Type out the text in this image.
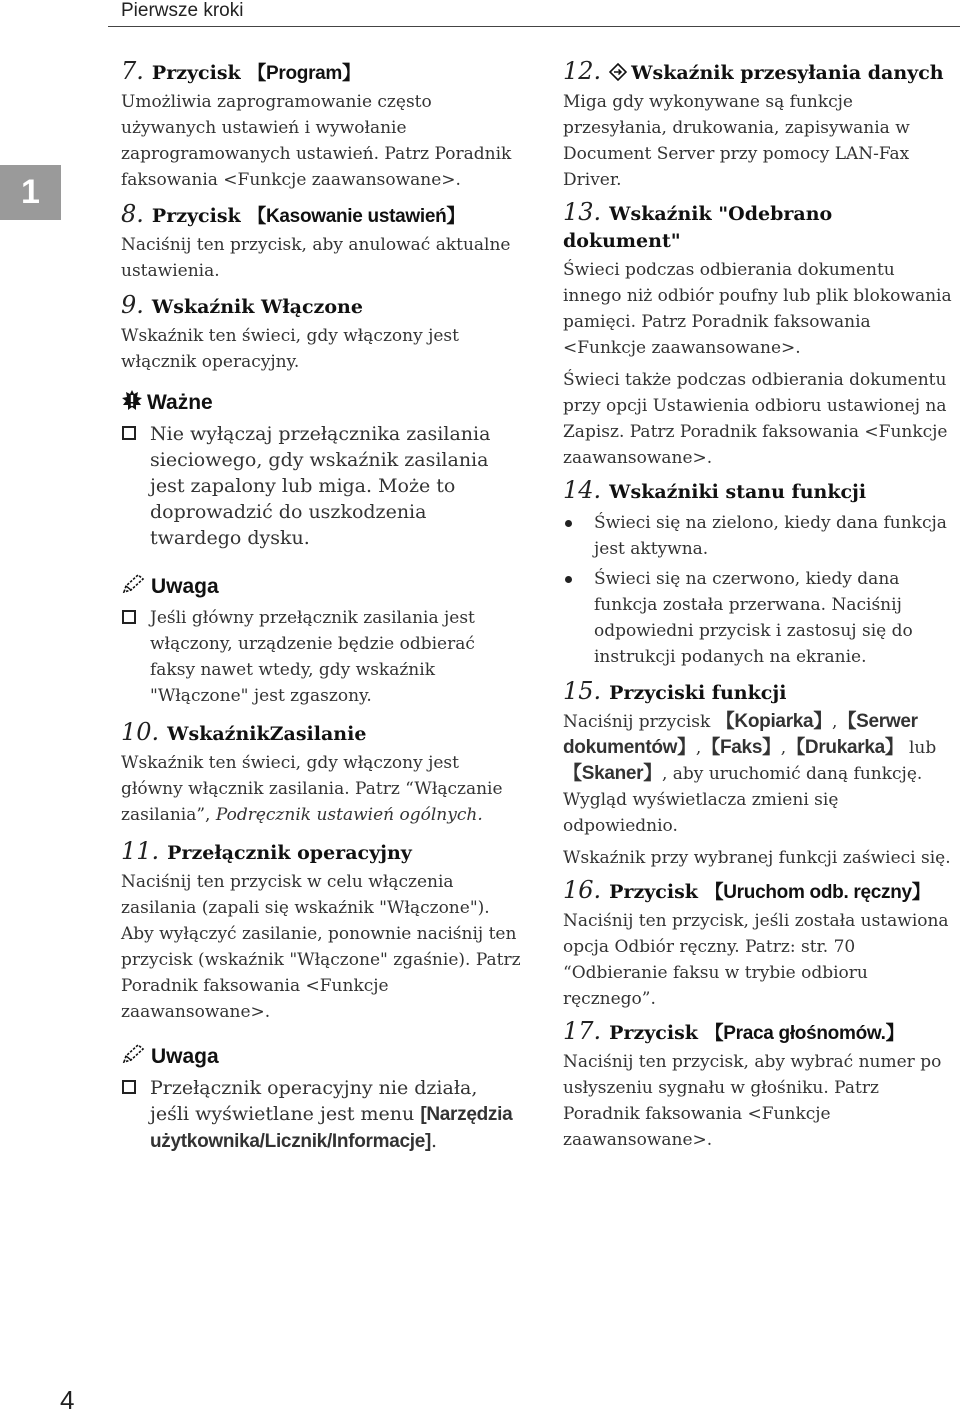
Pierwsze kroki
1
4
7. Przycisk 【Program】

Umożliwia zaprogramowanie często używanych ustawień i wywołanie zaprogramowanych ustawień. Patrz Poradnik faksowania <Funkcje zaawansowane>.

8. Przycisk 【Kasowanie ustawień】

Naciśnij ten przycisk, aby anulować aktualne ustawienia.

9. Wskaźnik Włączone

Wskaźnik ten świeci, gdy włączony jest włącznik operacyjny.

Ważne
Nie wyłączaj przełącznika zasilania sieciowego, gdy wskaźnik zasilania jest zapalony lub miga. Może to doprowadzić do uszkodzenia twardego dysku.
Uwaga
Jeśli główny przełącznik zasilania jest włączony, urządzenie będzie odbierać faksy nawet wtedy, gdy wskaźnik "Włączone" jest zgaszony.
10. WskaźnikZasilanie

Wskaźnik ten świeci, gdy włączony jest główny włącznik zasilania. Patrz “Włączanie zasilania”, Podręcznik ustawień ogólnych.

11. Przełącznik operacyjny

Naciśnij ten przycisk w celu włączenia zasilania (zapali się wskaźnik "Włączone"). Aby wyłączyć zasilanie, ponownie naciśnij ten przycisk (wskaźnik "Włączone" zgaśnie). Patrz Poradnik faksowania <Funkcje zaawansowane>.

Uwaga
Przełącznik operacyjny nie działa, jeśli wyświetlane jest menu [Narzędzia użytkownika/Licznik/Informacje].
12. Wskaźnik przesyłania danych

Miga gdy wykonywane są funkcje przesyłania, drukowania, zapisywania w Document Server przy pomocy LAN-Fax Driver.

13. Wskaźnik "Odebrano dokument"

Świeci podczas odbierania dokumentu innego niż odbiór poufny lub plik blokowania pamięci. Patrz Poradnik faksowania <Funkcje zaawansowane>.

Świeci także podczas odbierania dokumentu przy opcji Ustawienia odbioru ustawionej na Zapisz. Patrz Poradnik faksowania <Funkcje zaawansowane>.

14. Wskaźniki stanu funkcji
Świeci się na zielono, kiedy dana funkcja jest aktywna.
Świeci się na czerwono, kiedy dana funkcja została przerwana. Naciśnij odpowiedni przycisk i zastosuj się do instrukcji podanych na ekranie.
15. Przyciski funkcji

Naciśnij przycisk 【Kopiarka】,【Serwer dokumentów】,【Faks】,【Drukarka】 lub 【Skaner】, aby uruchomić daną funkcję. Wygląd wyświetlacza zmieni się odpowiednio.

Wskaźnik przy wybranej funkcji zaświeci się.

16. Przycisk 【Uruchom odb. ręczny】

Naciśnij ten przycisk, jeśli została ustawiona opcja Odbiór ręczny. Patrz: str. 70 “Odbieranie faksu w trybie odbioru ręcznego”.

17. Przycisk 【Praca głośnomów.】

Naciśnij ten przycisk, aby wybrać numer po usłyszeniu sygnału w głośniku. Patrz Poradnik faksowania <Funkcje zaawansowane>.
